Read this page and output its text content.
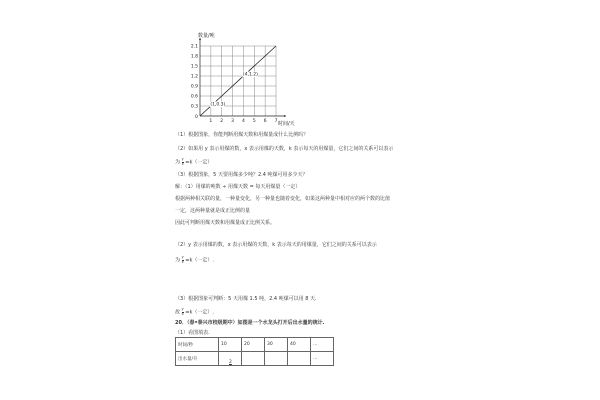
数量/吨
时间/天
0
1 2 3 4 5 6 7
0.3
0.6
0.9
1.2
1.5
1.8
2.1
(1,0.3)
(4,1.2)
（1）根据图象，你能判断用煤天数和用煤量成什么比例吗？
（2）如果用 y 表示用煤的数，x 表示用煤的天数，k 表示每天的用煤量，它们之间的关系可以表示
为 $\frac{y}{x} =k$（一定）
（3）根据图象，5 天要用煤多少吨？2.4 吨煤可用多少天？
解：（1）用煤的吨数 ÷ 用煤天数 = 每天用煤量（一定）
根据两种相关联的量，一种量变化，另一种量也随着变化，如果这两种量中相对应的两个数的比值
一定，这两种量就是成正比例的量
因此可判断用煤天数和用煤量成正比例关系。
（2）y 表示用煤的数，x 表示用煤的天数，k 表示每天的用煤量，它们之间的关系可以表示
为 $\frac{y}{x} =k$（一定）.
（3）根据图象可判断：5 天用煤 1.5 吨，2.4 吨煤可以用 8 天.
故 $\frac{y}{x} =k$（一定）.
20．（春•泰兴市校级期中）如图是一个水龙头打开后出水量的统计.
（1）看图填表.
时间/秒	10	20	30	40	…
出水量/升	2				…
